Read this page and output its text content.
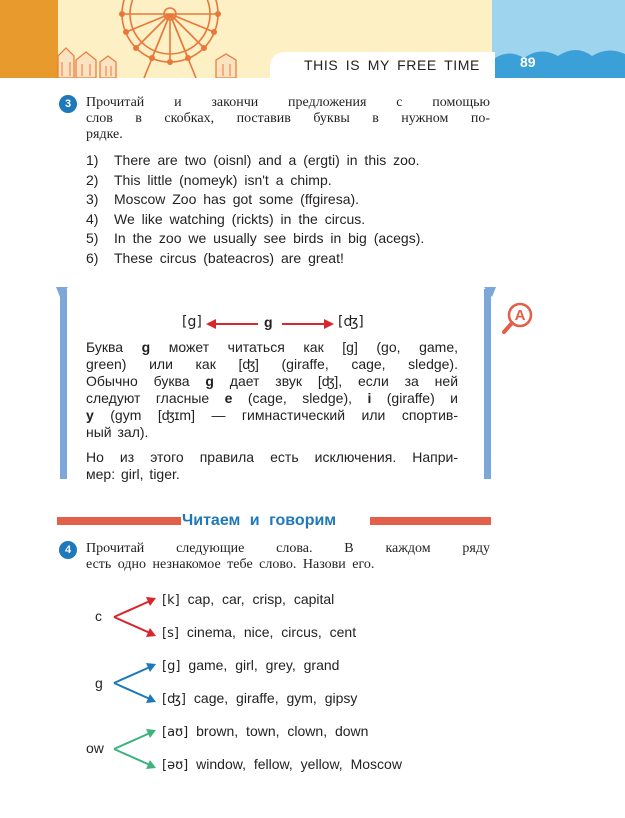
THIS IS MY FREE TIME	89
3	Прочитай и закончи предложения с помощью
слов в скобках, поставив буквы в нужном по-
рядке.
1) There are two (oisnl) and a (ergti) in this zoo.
2) This little (nomeyk) isn't a chimp.
3) Moscow Zoo has got some (ffgiresa).
4) We like watching (rickts) in the circus.
5) In the zoo we usually see birds in big (acegs).
6) These circus (bateacros) are great!
[g]	g	[ʤ]
Буква g может читаться как [g] (go, game,
green) или как [ʤ] (giraffe, cage, sledge).
Обычно буква g дает звук [ʤ], если за ней
следуют гласные e (cage, sledge), i (giraffe) и
y (gym [ʤɪm] — гимнастический или спортив-
ный зал).
Но из этого правила есть исключения. Напри-
мер: girl, tiger.
A
Читаем и говорим
4	Прочитай следующие слова. В каждом ряду
есть одно незнакомое тебе слово. Назови его.
c
[k] cap, car, crisp, capital
[s] cinema, nice, circus, cent
g
[g] game, girl, grey, grand
[ʤ] cage, giraffe, gym, gipsy
ow
[aʊ] brown, town, clown, down
[əʊ] window, fellow, yellow, Moscow
